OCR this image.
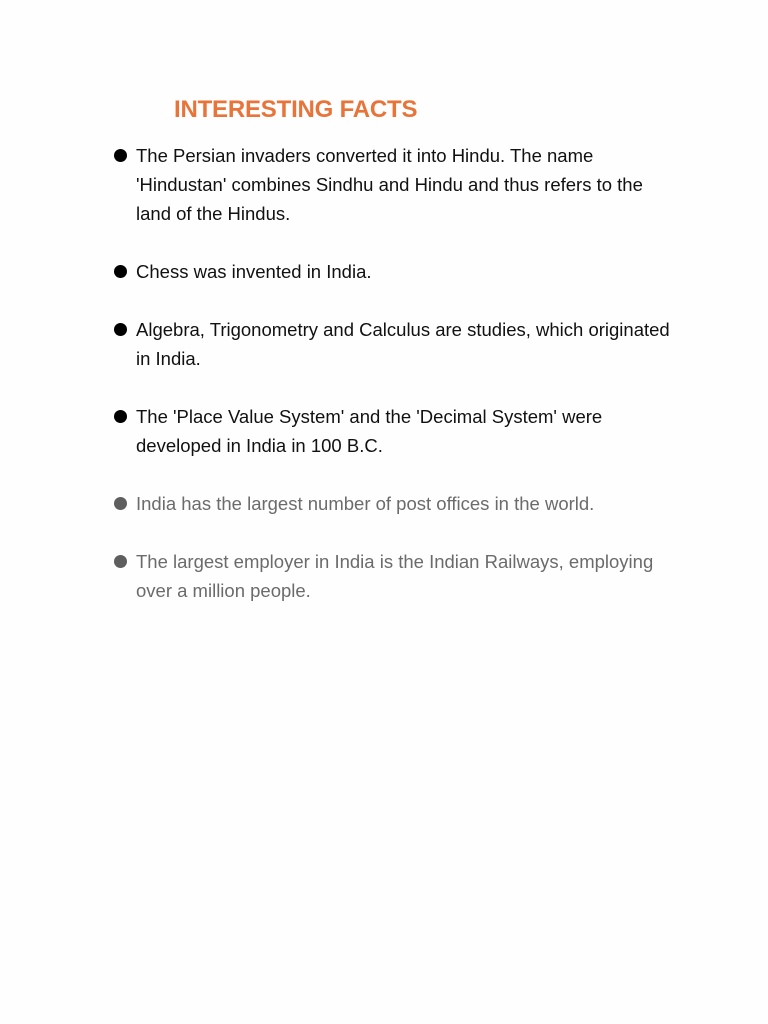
INTERESTING FACTS
The Persian invaders converted it into Hindu. The name 'Hindustan' combines Sindhu and Hindu and thus refers to the land of the Hindus.
Chess was invented in India.
Algebra, Trigonometry and Calculus are studies, which originated in India.
The 'Place Value System' and the 'Decimal System' were developed in India in 100 B.C.
India has the largest number of post offices in the world.
The largest employer in India is the Indian Railways, employing over a million people.
